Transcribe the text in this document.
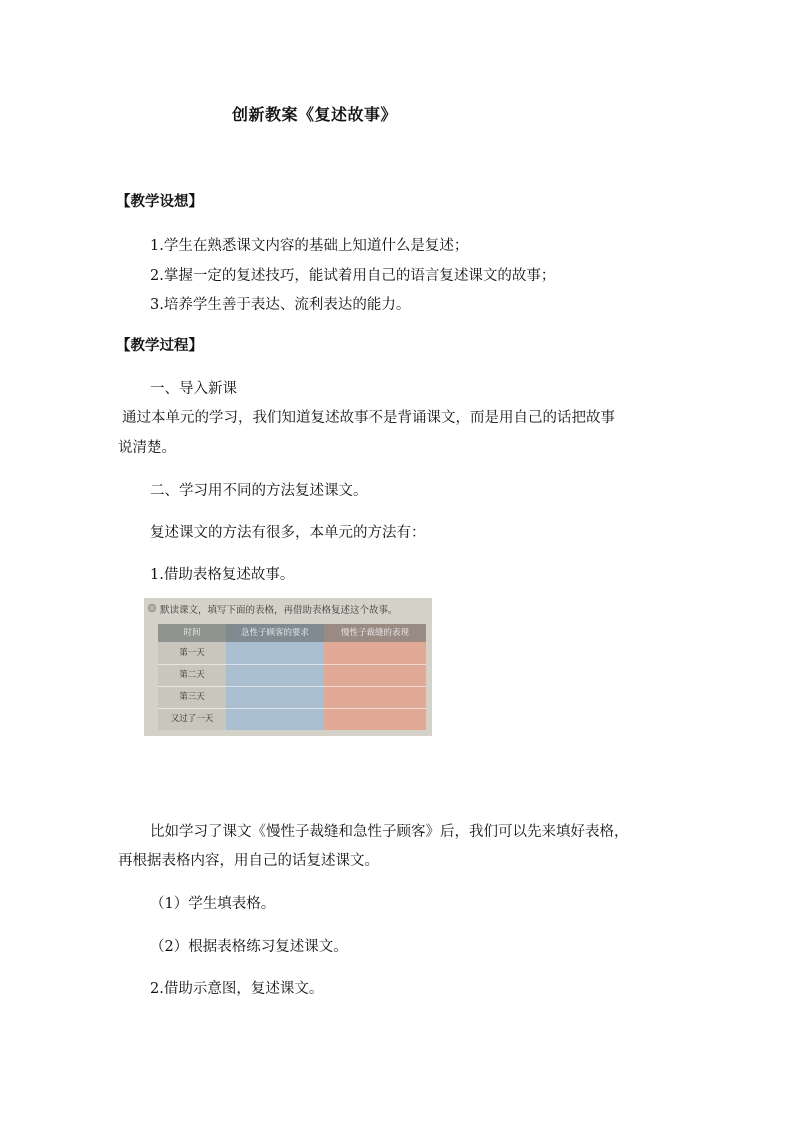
创新教案《复述故事》
【教学设想】
1.学生在熟悉课文内容的基础上知道什么是复述；
2.掌握一定的复述技巧，能试着用自己的语言复述课文的故事；
3.培养学生善于表达、流利表达的能力。
【教学过程】
一、导入新课
通过本单元的学习，我们知道复述故事不是背诵课文，而是用自己的话把故事
说清楚。
二、学习用不同的方法复述课文。
复述课文的方法有很多，本单元的方法有：
1.借助表格复述故事。
默读课文，填写下面的表格，再借助表格复述这个故事。
时间	急性子顾客的要求	慢性子裁缝的表现
第一天
第二天
第三天
又过了一天
比如学习了课文《慢性子裁缝和急性子顾客》后，我们可以先来填好表格，
再根据表格内容，用自己的话复述课文。
（1）学生填表格。
（2）根据表格练习复述课文。
2.借助示意图，复述课文。
